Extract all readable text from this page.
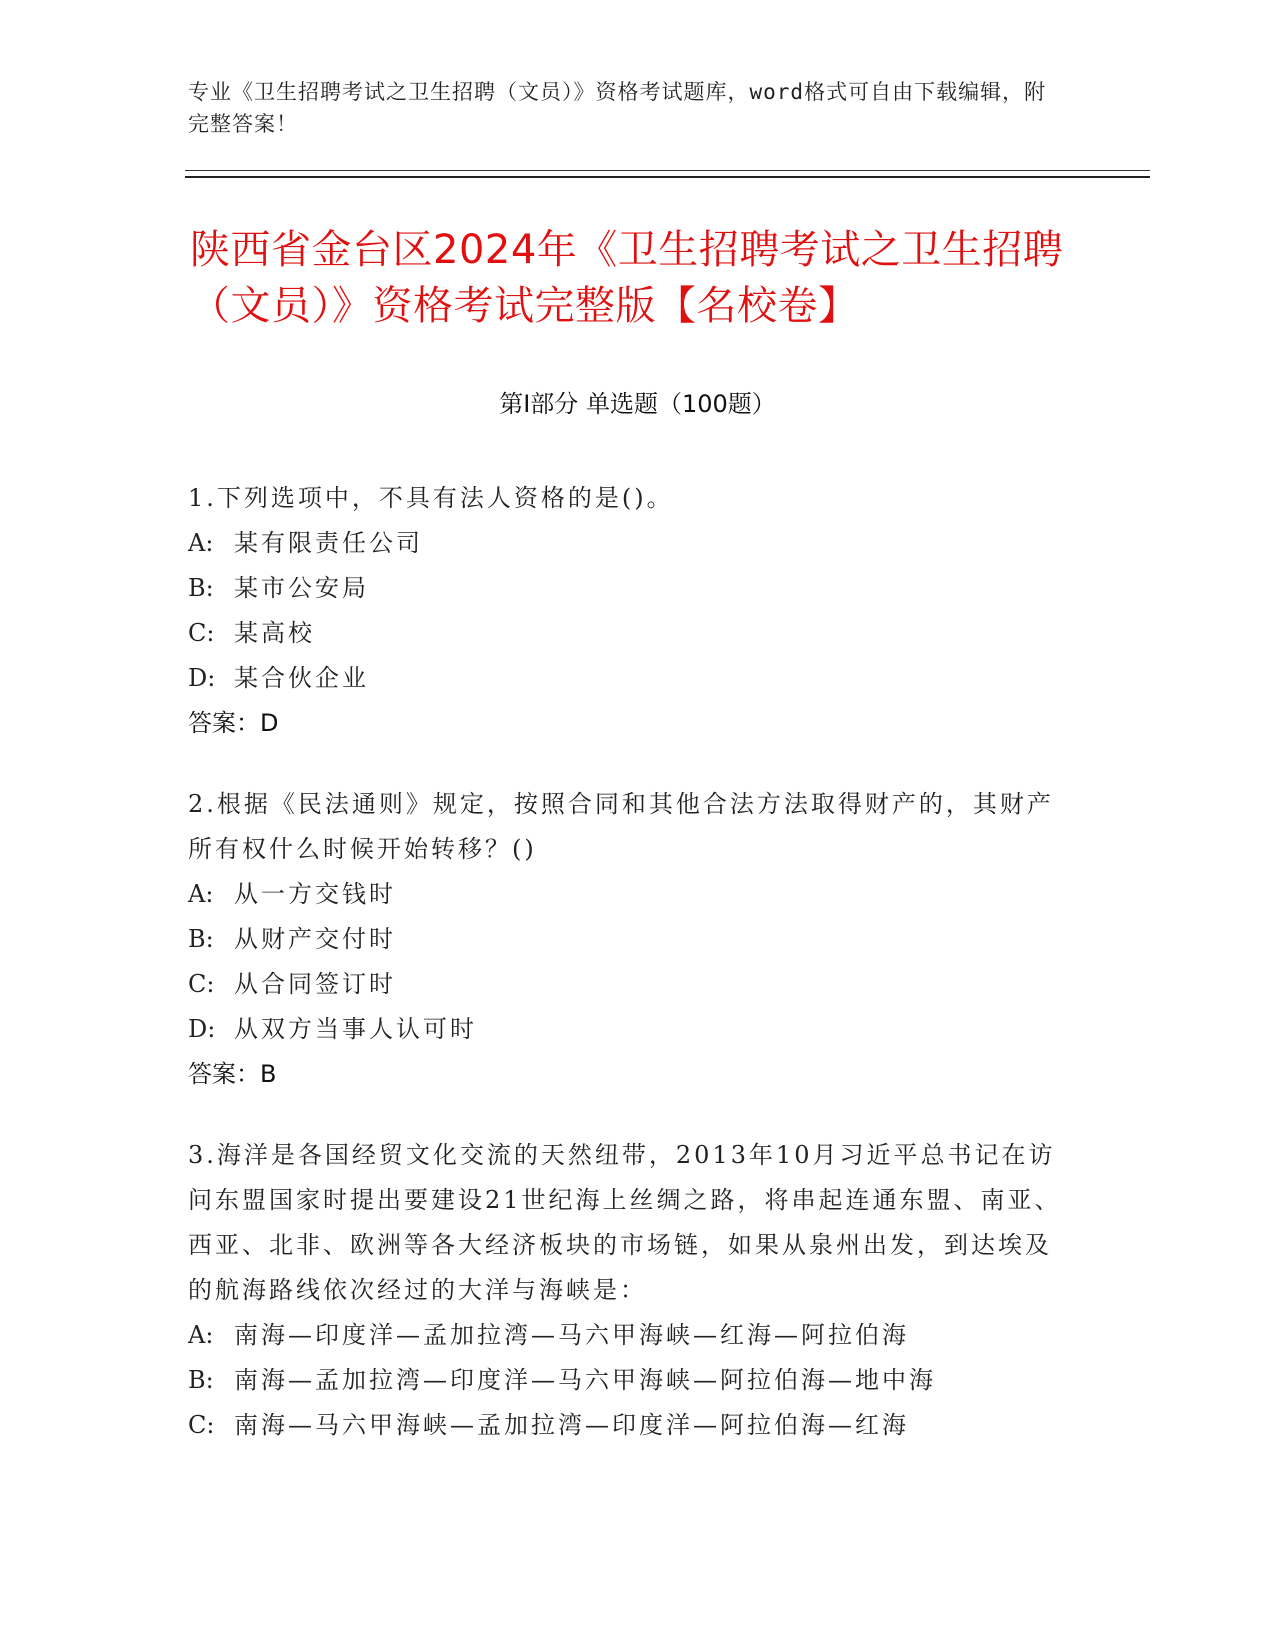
专业《卫生招聘考试之卫生招聘（文员）》资格考试题库，word格式可自由下载编辑，附完整答案！
陕西省金台区2024年《卫生招聘考试之卫生招聘（文员）》资格考试完整版【名校卷】
第Ⅰ部分 单选题（100题）
1.下列选项中，不具有法人资格的是()。
A: 某有限责任公司
B: 某市公安局
C: 某高校
D: 某合伙企业
答案：D
2.根据《民法通则》规定，按照合同和其他合法方法取得财产的，其财产所有权什么时候开始转移？()
A: 从一方交钱时
B: 从财产交付时
C: 从合同签订时
D: 从双方当事人认可时
答案：B
3.海洋是各国经贸文化交流的天然纽带，2013年10月习近平总书记在访问东盟国家时提出要建设21世纪海上丝绸之路，将串起连通东盟、南亚、西亚、北非、欧洲等各大经济板块的市场链，如果从泉州出发，到达埃及的航海路线依次经过的大洋与海峡是：
A: 南海—印度洋—孟加拉湾—马六甲海峡—红海—阿拉伯海
B: 南海—孟加拉湾—印度洋—马六甲海峡—阿拉伯海—地中海
C: 南海—马六甲海峡—孟加拉湾—印度洋—阿拉伯海—红海
